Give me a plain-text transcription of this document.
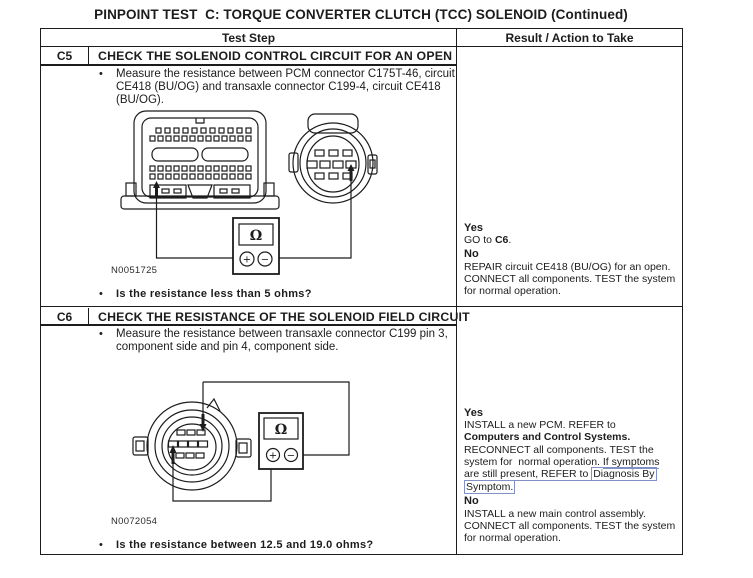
PINPOINT TEST  C: TORQUE CONVERTER CLUTCH (TCC) SOLENOID (Continued)
Test Step	Result / Action to Take
C5	CHECK THE SOLENOID CONTROL CIRCUIT FOR AN OPEN
•	Measure the resistance between PCM connector C175T-46, circuit CE418 (BU/OG) and transaxle connector C199-4, circuit CE418 (BU/OG).
Ω
+ −
N0051725
•	Is the resistance less than 5 ohms?
Yes
GO to C6.
No
REPAIR circuit CE418 (BU/OG) for an open. CONNECT all components. TEST the system for normal operation.
C6	CHECK THE RESISTANCE OF THE SOLENOID FIELD CIRCUIT
•	Measure the resistance between transaxle connector C199 pin 3, component side and pin 4, component side.
Ω
+ −
N0072054
•	Is the resistance between 12.5 and 19.0 ohms?
Yes
INSTALL a new PCM. REFER to
Computers and Control Systems.
RECONNECT all components. TEST the
system for  normal operation. If symptoms
are still present, REFER to Diagnosis By
Symptom.
No
INSTALL a new main control assembly. CONNECT all components. TEST the system for normal operation.
